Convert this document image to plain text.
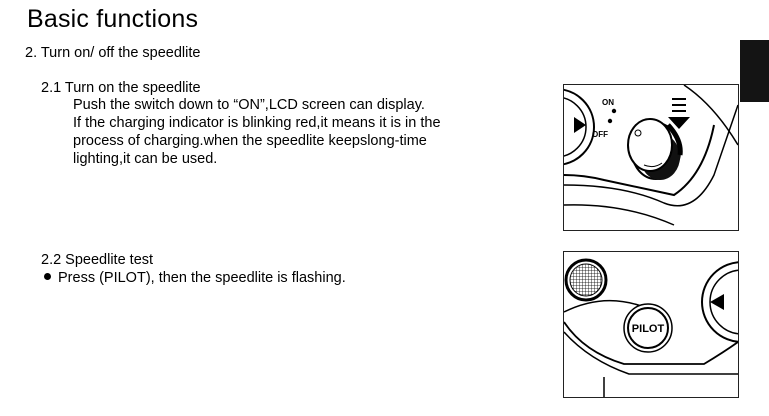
Basic functions
2. Turn on/ off the speedlite
2.1 Turn on the speedlite
Push the switch down to “ON”,LCD screen can display.
If the charging indicator is blinking red,it means it is in the
process of charging.when the speedlite keepslong-time
lighting,it can be used.
2.2 Speedlite test
Press (PILOT), then the speedlite is flashing.
ON
OFF
PILOT
